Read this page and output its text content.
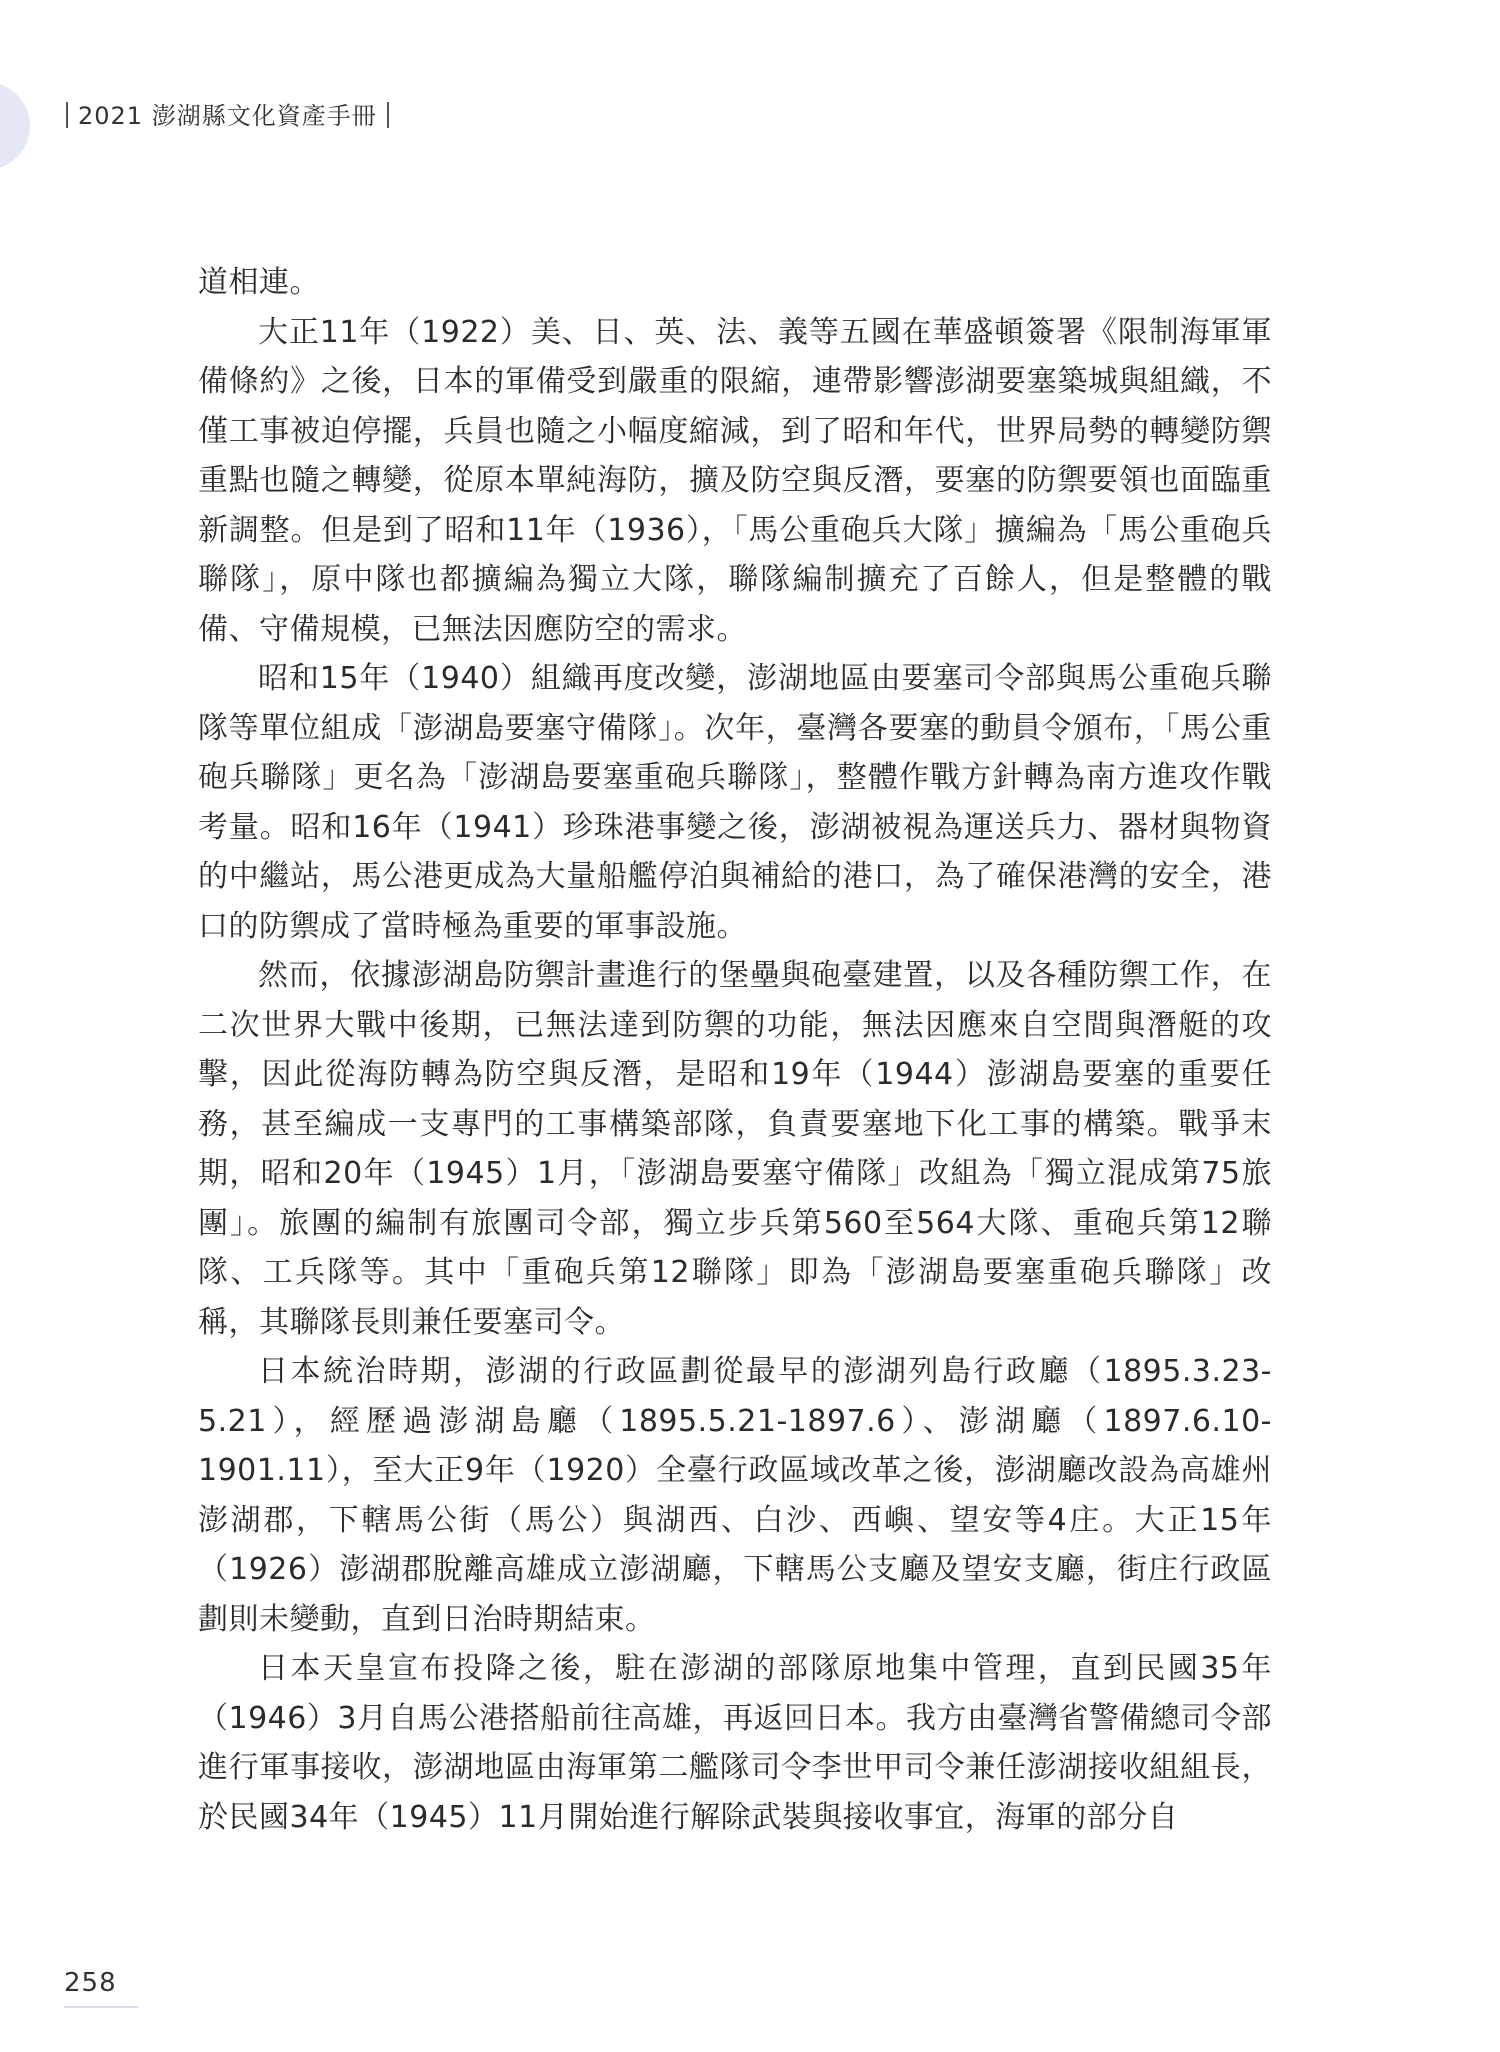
2021 澎湖縣文化資產手冊

道相連。

大正11年（1922）美、日、英、法、義等五國在華盛頓簽署《限制海軍軍備條約》之後，日本的軍備受到嚴重的限縮，連帶影響澎湖要塞築城與組織，不僅工事被迫停擺，兵員也隨之小幅度縮減，到了昭和年代，世界局勢的轉變防禦重點也隨之轉變，從原本單純海防，擴及防空與反潛，要塞的防禦要領也面臨重新調整。但是到了昭和11年（1936），「馬公重砲兵大隊」擴編為「馬公重砲兵聯隊」，原中隊也都擴編為獨立大隊，聯隊編制擴充了百餘人，但是整體的戰備、守備規模，已無法因應防空的需求。

昭和15年（1940）組織再度改變，澎湖地區由要塞司令部與馬公重砲兵聯隊等單位組成「澎湖島要塞守備隊」。次年，臺灣各要塞的動員令頒布，「馬公重砲兵聯隊」更名為「澎湖島要塞重砲兵聯隊」，整體作戰方針轉為南方進攻作戰考量。昭和16年（1941）珍珠港事變之後，澎湖被視為運送兵力、器材與物資的中繼站，馬公港更成為大量船艦停泊與補給的港口，為了確保港灣的安全，港口的防禦成了當時極為重要的軍事設施。

然而，依據澎湖島防禦計畫進行的堡壘與砲臺建置，以及各種防禦工作，在二次世界大戰中後期，已無法達到防禦的功能，無法因應來自空間與潛艇的攻擊，因此從海防轉為防空與反潛，是昭和19年（1944）澎湖島要塞的重要任務，甚至編成一支專門的工事構築部隊，負責要塞地下化工事的構築。戰爭末期，昭和20年（1945）1月，「澎湖島要塞守備隊」改組為「獨立混成第75旅團」。旅團的編制有旅團司令部，獨立步兵第560至564大隊、重砲兵第12聯隊、工兵隊等。其中「重砲兵第12聯隊」即為「澎湖島要塞重砲兵聯隊」改稱，其聯隊長則兼任要塞司令。

日本統治時期，澎湖的行政區劃從最早的澎湖列島行政廳（1895.3.23-5.21），經歷過澎湖島廳（1895.5.21-1897.6）、澎湖廳（1897.6.10-1901.11），至大正9年（1920）全臺行政區域改革之後，澎湖廳改設為高雄州澎湖郡，下轄馬公街（馬公）與湖西、白沙、西嶼、望安等4庄。大正15年（1926）澎湖郡脫離高雄成立澎湖廳，下轄馬公支廳及望安支廳，街庄行政區劃則未變動，直到日治時期結束。

日本天皇宣布投降之後，駐在澎湖的部隊原地集中管理，直到民國35年（1946）3月自馬公港搭船前往高雄，再返回日本。我方由臺灣省警備總司令部進行軍事接收，澎湖地區由海軍第二艦隊司令李世甲司令兼任澎湖接收組組長，於民國34年（1945）11月開始進行解除武裝與接收事宜，海軍的部分自

258
